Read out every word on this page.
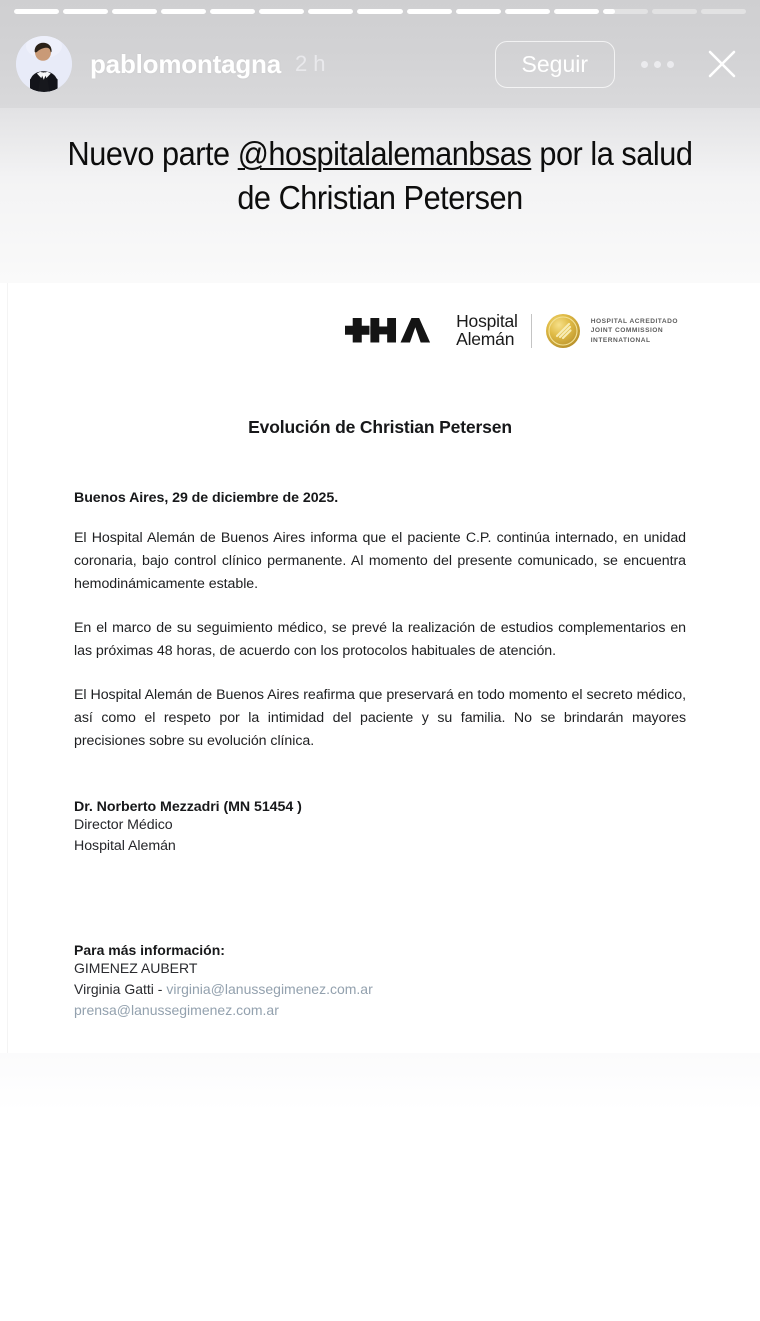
pablomontagna 2 h	Seguir
Nuevo parte @hospitalalemanbsas por la salud de Christian Petersen
Hospital
Alemán
HOSPITAL ACREDITADO
JOINT COMMISSION
INTERNATIONAL
Evolución de Christian Petersen
Buenos Aires, 29 de diciembre de 2025.

El Hospital Alemán de Buenos Aires informa que el paciente C.P. continúa internado, en unidad coronaria, bajo control clínico permanente. Al momento del presente comunicado, se encuentra hemodinámicamente estable.

En el marco de su seguimiento médico, se prevé la realización de estudios complementarios en las próximas 48 horas, de acuerdo con los protocolos habituales de atención.

El Hospital Alemán de Buenos Aires reafirma que preservará en todo momento el secreto médico, así como el respeto por la intimidad del paciente y su familia. No se brindarán mayores precisiones sobre su evolución clínica.

Dr. Norberto Mezzadri (MN 51454 )
Director Médico
Hospital Alemán
Para más información:
GIMENEZ AUBERT
Virginia Gatti - virginia@lanussegimenez.com.ar
prensa@lanussegimenez.com.ar
